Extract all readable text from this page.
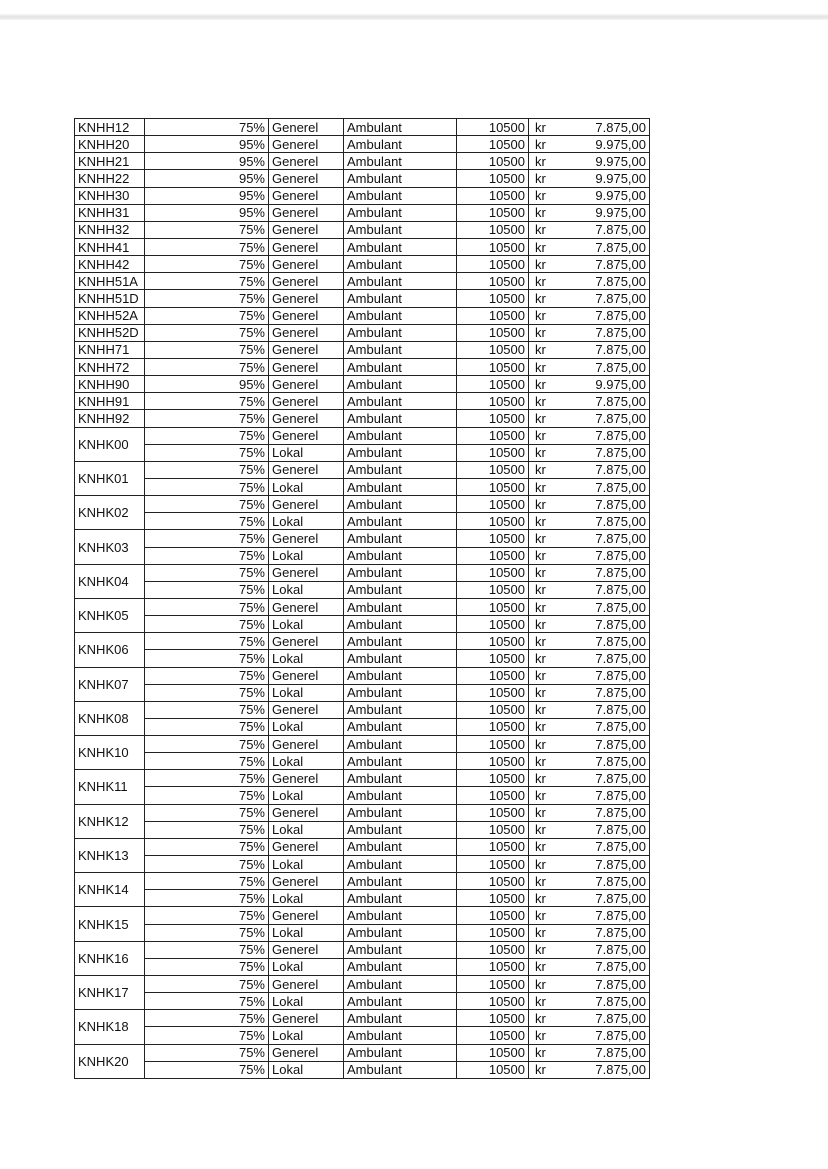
KNHH12	75%	Generel	Ambulant	10500	kr	7.875,00
KNHH20	95%	Generel	Ambulant	10500	kr	9.975,00
KNHH21	95%	Generel	Ambulant	10500	kr	9.975,00
KNHH22	95%	Generel	Ambulant	10500	kr	9.975,00
KNHH30	95%	Generel	Ambulant	10500	kr	9.975,00
KNHH31	95%	Generel	Ambulant	10500	kr	9.975,00
KNHH32	75%	Generel	Ambulant	10500	kr	7.875,00
KNHH41	75%	Generel	Ambulant	10500	kr	7.875,00
KNHH42	75%	Generel	Ambulant	10500	kr	7.875,00
KNHH51A	75%	Generel	Ambulant	10500	kr	7.875,00
KNHH51D	75%	Generel	Ambulant	10500	kr	7.875,00
KNHH52A	75%	Generel	Ambulant	10500	kr	7.875,00
KNHH52D	75%	Generel	Ambulant	10500	kr	7.875,00
KNHH71	75%	Generel	Ambulant	10500	kr	7.875,00
KNHH72	75%	Generel	Ambulant	10500	kr	7.875,00
KNHH90	95%	Generel	Ambulant	10500	kr	9.975,00
KNHH91	75%	Generel	Ambulant	10500	kr	7.875,00
KNHH92	75%	Generel	Ambulant	10500	kr	7.875,00
KNHK00	75%	Generel	Ambulant	10500	kr	7.875,00
	75%	Lokal	Ambulant	10500	kr	7.875,00
KNHK01	75%	Generel	Ambulant	10500	kr	7.875,00
	75%	Lokal	Ambulant	10500	kr	7.875,00
KNHK02	75%	Generel	Ambulant	10500	kr	7.875,00
	75%	Lokal	Ambulant	10500	kr	7.875,00
KNHK03	75%	Generel	Ambulant	10500	kr	7.875,00
	75%	Lokal	Ambulant	10500	kr	7.875,00
KNHK04	75%	Generel	Ambulant	10500	kr	7.875,00
	75%	Lokal	Ambulant	10500	kr	7.875,00
KNHK05	75%	Generel	Ambulant	10500	kr	7.875,00
	75%	Lokal	Ambulant	10500	kr	7.875,00
KNHK06	75%	Generel	Ambulant	10500	kr	7.875,00
	75%	Lokal	Ambulant	10500	kr	7.875,00
KNHK07	75%	Generel	Ambulant	10500	kr	7.875,00
	75%	Lokal	Ambulant	10500	kr	7.875,00
KNHK08	75%	Generel	Ambulant	10500	kr	7.875,00
	75%	Lokal	Ambulant	10500	kr	7.875,00
KNHK10	75%	Generel	Ambulant	10500	kr	7.875,00
	75%	Lokal	Ambulant	10500	kr	7.875,00
KNHK11	75%	Generel	Ambulant	10500	kr	7.875,00
	75%	Lokal	Ambulant	10500	kr	7.875,00
KNHK12	75%	Generel	Ambulant	10500	kr	7.875,00
	75%	Lokal	Ambulant	10500	kr	7.875,00
KNHK13	75%	Generel	Ambulant	10500	kr	7.875,00
	75%	Lokal	Ambulant	10500	kr	7.875,00
KNHK14	75%	Generel	Ambulant	10500	kr	7.875,00
	75%	Lokal	Ambulant	10500	kr	7.875,00
KNHK15	75%	Generel	Ambulant	10500	kr	7.875,00
	75%	Lokal	Ambulant	10500	kr	7.875,00
KNHK16	75%	Generel	Ambulant	10500	kr	7.875,00
	75%	Lokal	Ambulant	10500	kr	7.875,00
KNHK17	75%	Generel	Ambulant	10500	kr	7.875,00
	75%	Lokal	Ambulant	10500	kr	7.875,00
KNHK18	75%	Generel	Ambulant	10500	kr	7.875,00
	75%	Lokal	Ambulant	10500	kr	7.875,00
KNHK20	75%	Generel	Ambulant	10500	kr	7.875,00
	75%	Lokal	Ambulant	10500	kr	7.875,00
